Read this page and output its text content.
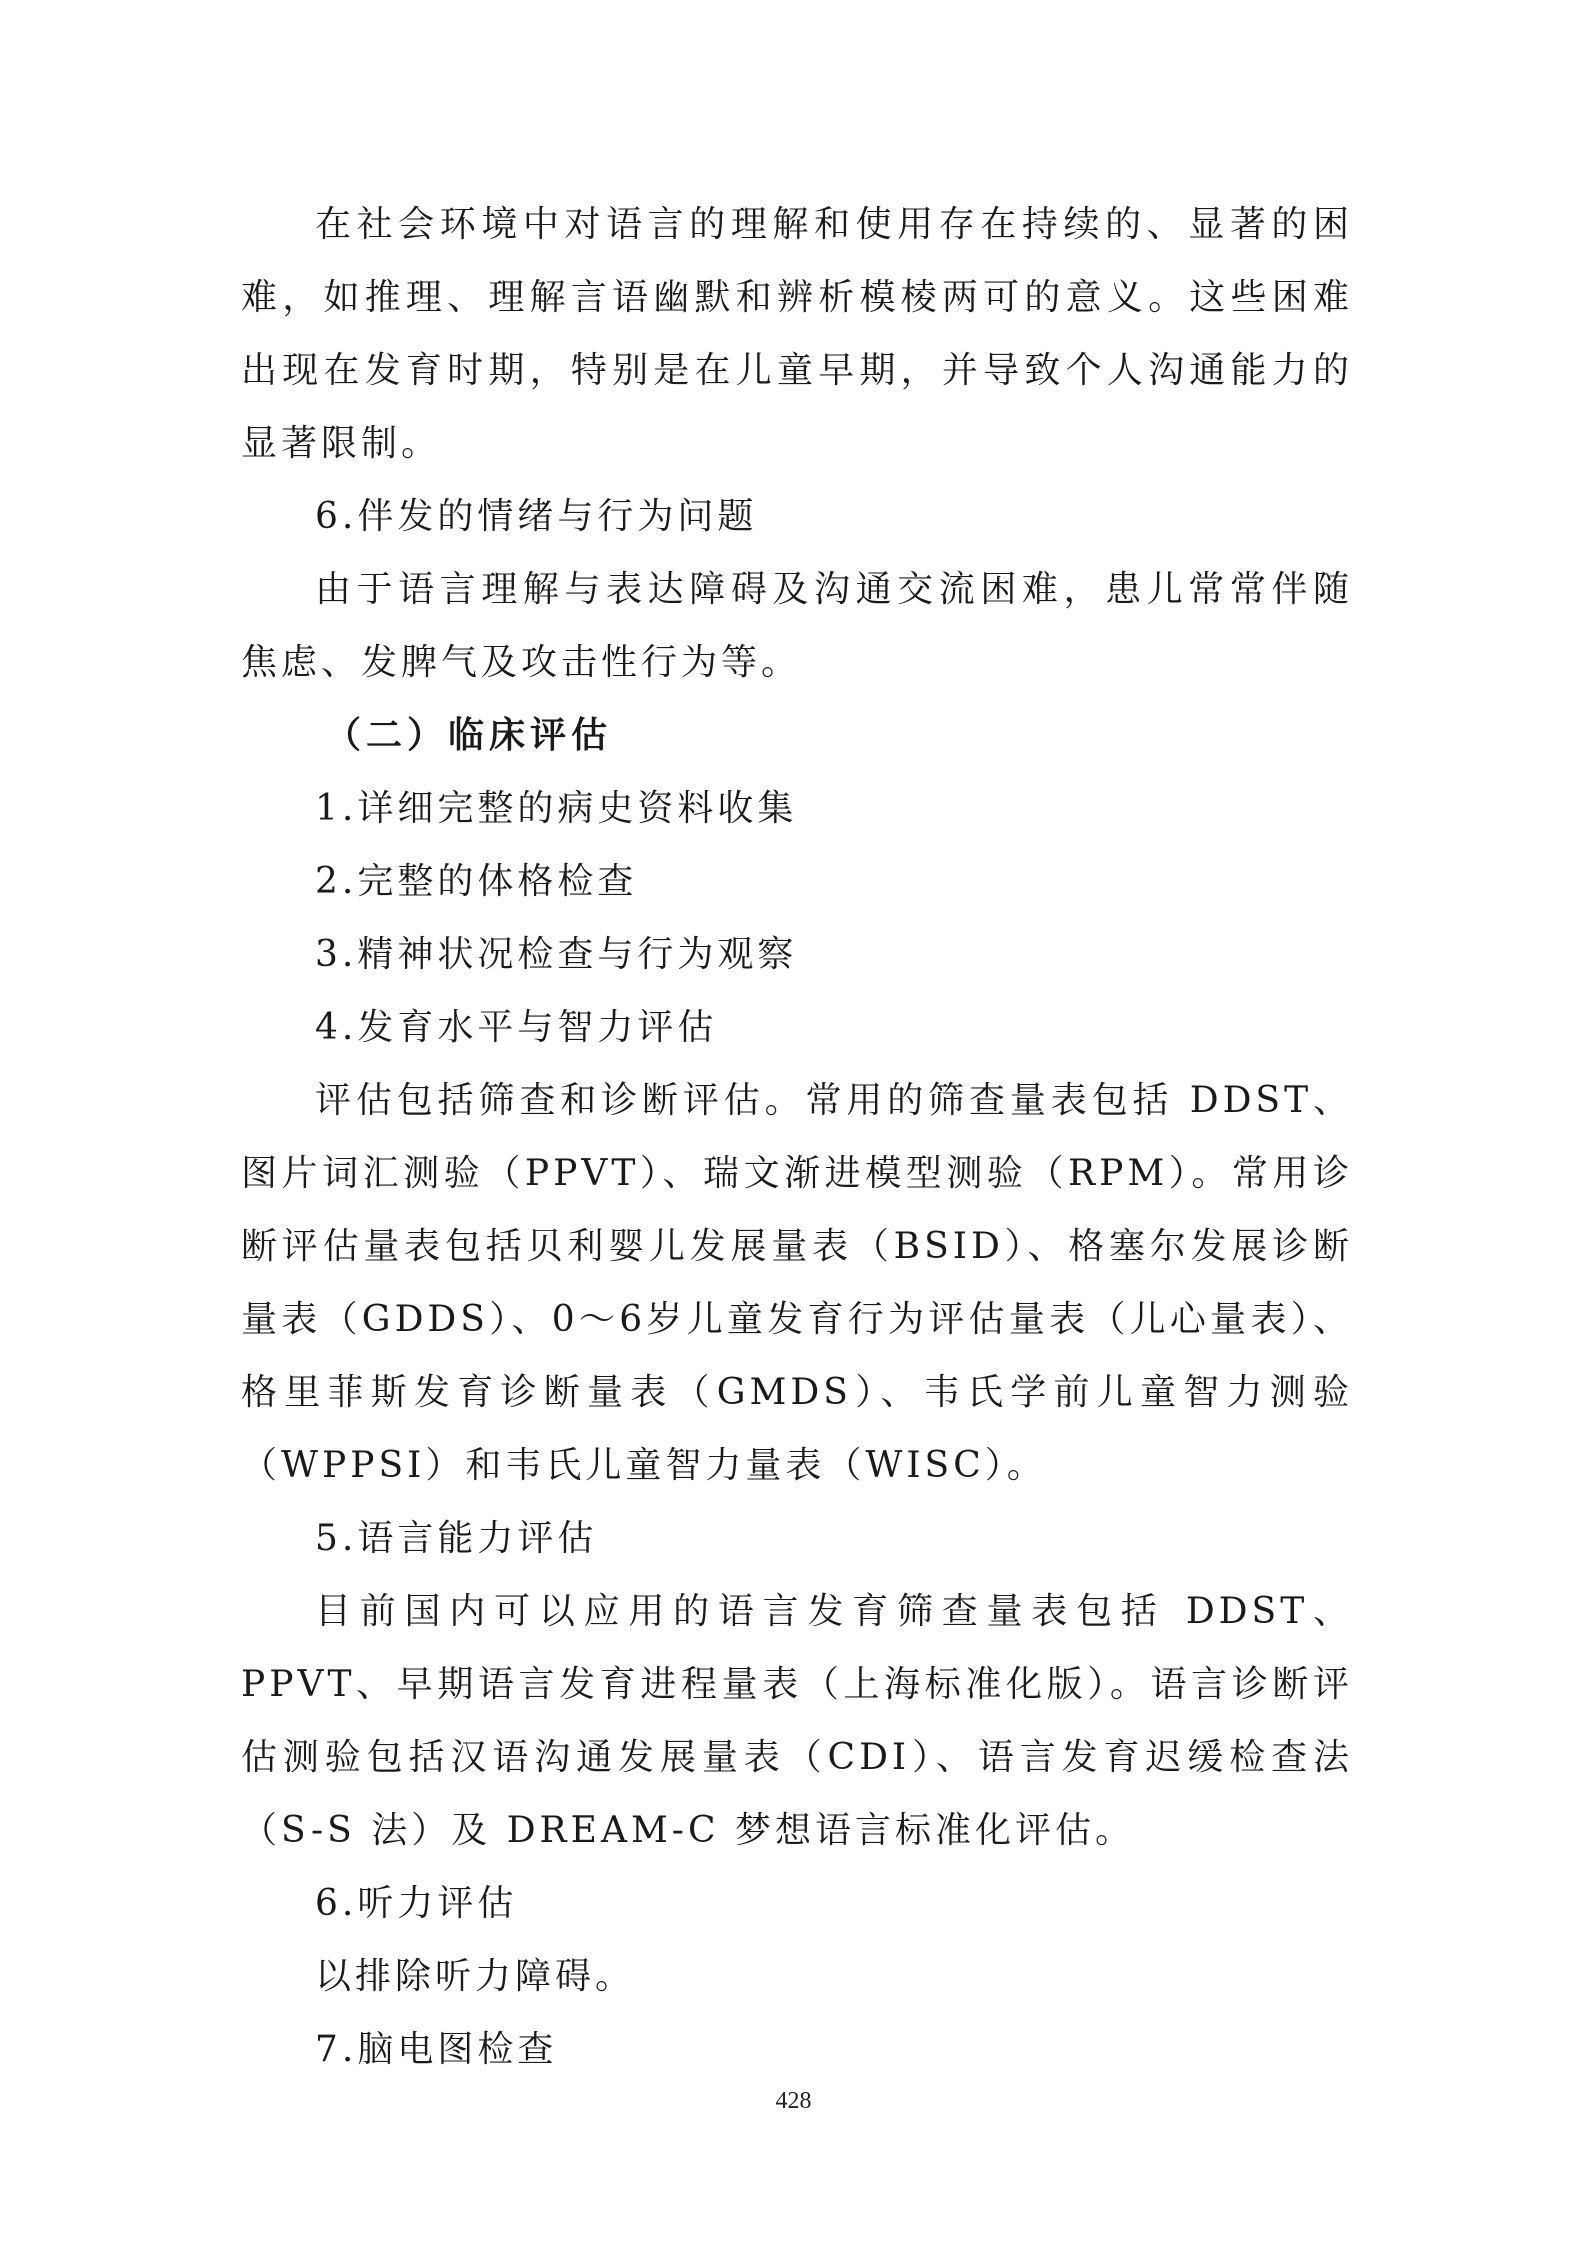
在社会环境中对语言的理解和使用存在持续的、显著的困难，如推理、理解言语幽默和辨析模棱两可的意义。这些困难出现在发育时期，特别是在儿童早期，并导致个人沟通能力的显著限制。

6.伴发的情绪与行为问题

由于语言理解与表达障碍及沟通交流困难，患儿常常伴随焦虑、发脾气及攻击性行为等。

（二）临床评估

1.详细完整的病史资料收集

2.完整的体格检查

3.精神状况检查与行为观察

4.发育水平与智力评估

评估包括筛查和诊断评估。常用的筛查量表包括 DDST、图片词汇测验（PPVT）、瑞文渐进模型测验（RPM）。常用诊断评估量表包括贝利婴儿发展量表（BSID）、格塞尔发展诊断量表（GDDS）、0～6岁儿童发育行为评估量表（儿心量表）、格里菲斯发育诊断量表（GMDS）、韦氏学前儿童智力测验（WPPSI）和韦氏儿童智力量表（WISC）。

5.语言能力评估

目前国内可以应用的语言发育筛查量表包括 DDST、PPVT、早期语言发育进程量表（上海标准化版）。语言诊断评估测验包括汉语沟通发展量表（CDI）、语言发育迟缓检查法（S-S 法）及 DREAM-C 梦想语言标准化评估。

6.听力评估

以排除听力障碍。

7.脑电图检查

428
